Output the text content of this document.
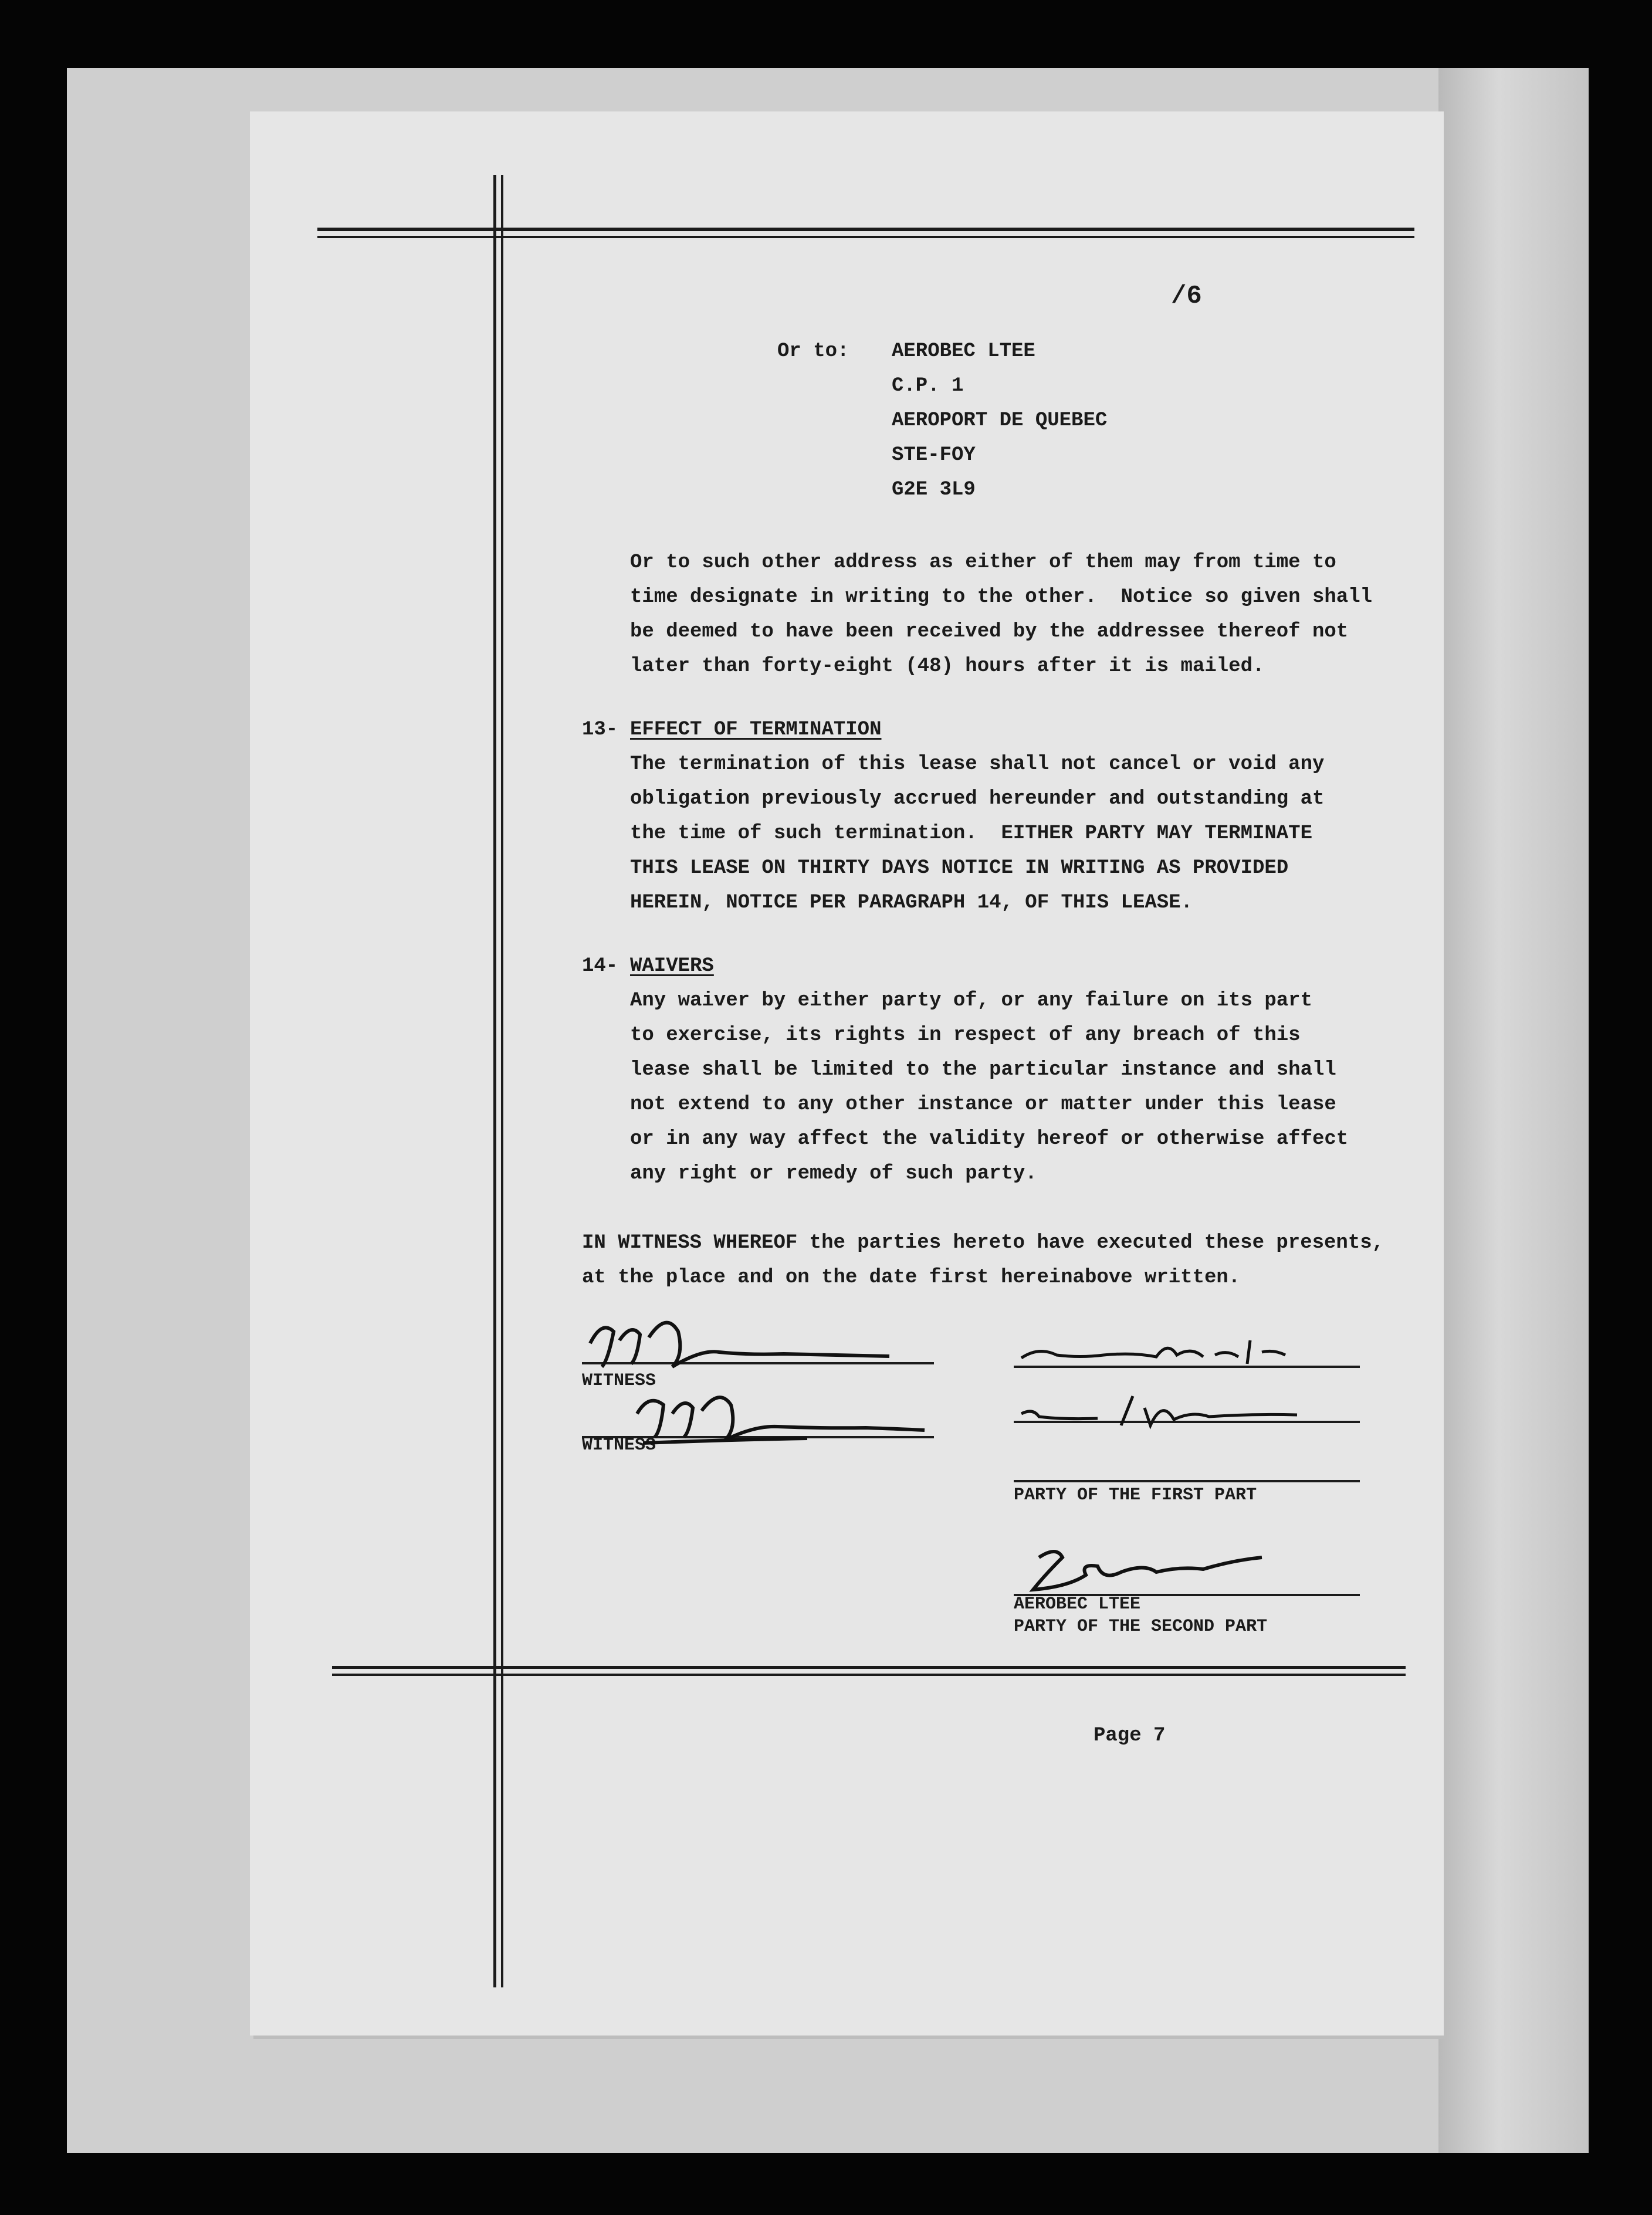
/6
Or to: AEROBEC LTEE
C.P. 1
AEROPORT DE QUEBEC
STE-FOY
G2E 3L9
Or to such other address as either of them may from time to
time designate in writing to the other.  Notice so given shall
be deemed to have been received by the addressee thereof not
later than forty-eight (48) hours after it is mailed.
13- EFFECT OF TERMINATION
The termination of this lease shall not cancel or void any
obligation previously accrued hereunder and outstanding at
the time of such termination.  EITHER PARTY MAY TERMINATE
THIS LEASE ON THIRTY DAYS NOTICE IN WRITING AS PROVIDED
HEREIN, NOTICE PER PARAGRAPH 14, OF THIS LEASE.
14- WAIVERS
Any waiver by either party of, or any failure on its part
to exercise, its rights in respect of any breach of this
lease shall be limited to the particular instance and shall
not extend to any other instance or matter under this lease
or in any way affect the validity hereof or otherwise affect
any right or remedy of such party.
IN WITNESS WHEREOF the parties hereto have executed these presents,
at the place and on the date first hereinabove written.
WITNESS
WITNESS
PARTY OF THE FIRST PART
AEROBEC LTEE
PARTY OF THE SECOND PART
Page 7
